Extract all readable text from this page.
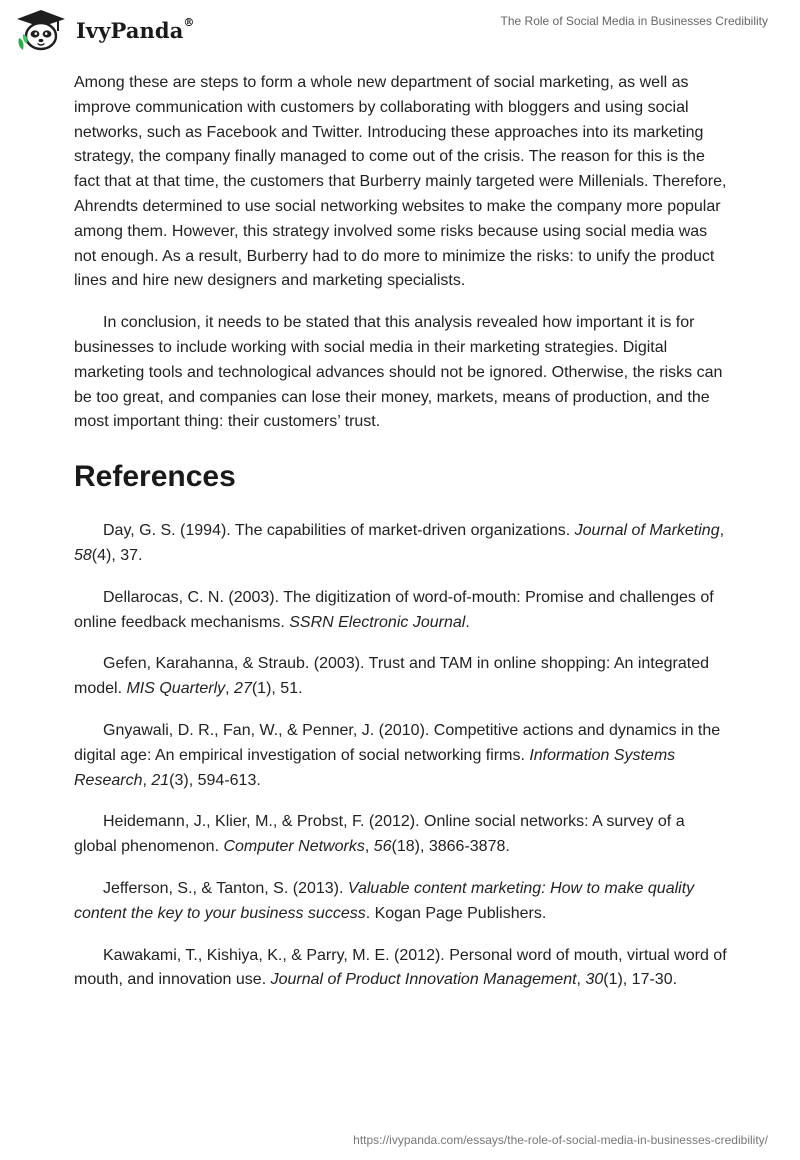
IvyPanda®	The Role of Social Media in Businesses Credibility

Among these are steps to form a whole new department of social marketing, as well as improve communication with customers by collaborating with bloggers and using social networks, such as Facebook and Twitter. Introducing these approaches into its marketing strategy, the company finally managed to come out of the crisis. The reason for this is the fact that at that time, the customers that Burberry mainly targeted were Millenials. Therefore, Ahrendts determined to use social networking websites to make the company more popular among them. However, this strategy involved some risks because using social media was not enough. As a result, Burberry had to do more to minimize the risks: to unify the product lines and hire new designers and marketing specialists.

In conclusion, it needs to be stated that this analysis revealed how important it is for businesses to include working with social media in their marketing strategies. Digital marketing tools and technological advances should not be ignored. Otherwise, the risks can be too great, and companies can lose their money, markets, means of production, and the most important thing: their customers’ trust.

References

Day, G. S. (1994). The capabilities of market-driven organizations. Journal of Marketing, 58(4), 37.

Dellarocas, C. N. (2003). The digitization of word-of-mouth: Promise and challenges of online feedback mechanisms. SSRN Electronic Journal.

Gefen, Karahanna, & Straub. (2003). Trust and TAM in online shopping: An integrated model. MIS Quarterly, 27(1), 51.

Gnyawali, D. R., Fan, W., & Penner, J. (2010). Competitive actions and dynamics in the digital age: An empirical investigation of social networking firms. Information Systems Research, 21(3), 594-613.

Heidemann, J., Klier, M., & Probst, F. (2012). Online social networks: A survey of a global phenomenon. Computer Networks, 56(18), 3866-3878.

Jefferson, S., & Tanton, S. (2013). Valuable content marketing: How to make quality content the key to your business success. Kogan Page Publishers.

Kawakami, T., Kishiya, K., & Parry, M. E. (2012). Personal word of mouth, virtual word of mouth, and innovation use. Journal of Product Innovation Management, 30(1), 17-30.

https://ivypanda.com/essays/the-role-of-social-media-in-businesses-credibility/
